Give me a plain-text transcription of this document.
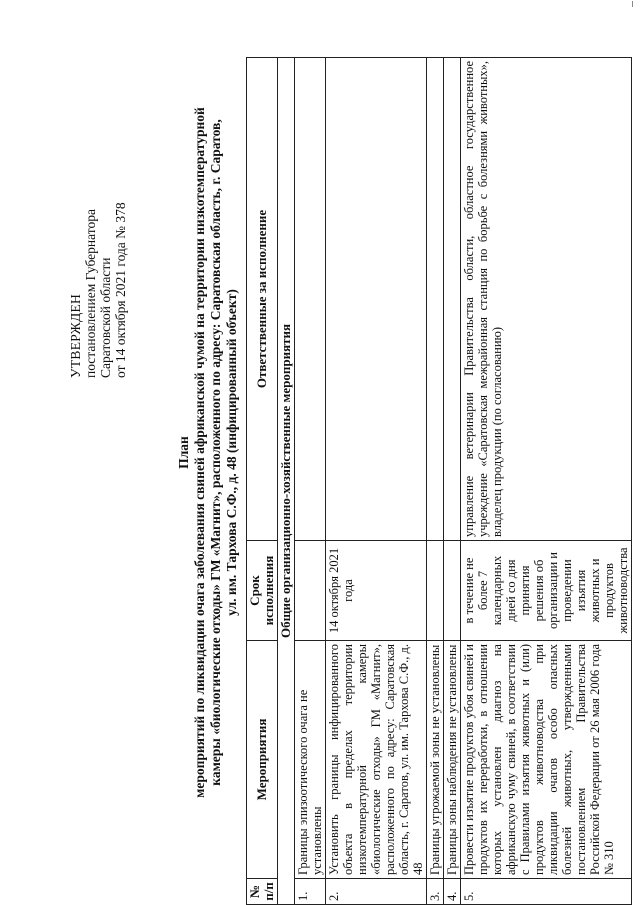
УТВЕРЖДЕН постановлением Губернатора Саратовской области от 14 октября 2021 года № 378
План мероприятий по ликвидации очага заболевания свиней африканской чумой на территории низкотемпературной камеры «биологические отходы» ГМ «Магнит», расположенного по адресу: Саратовская область, г. Саратов, ул. им. Тархова С.Ф., д. 48 (инфицированный объект)
№ п/п	Мероприятия	Срок исполнения	Ответственные за исполнение
Общие организационно-хозяйственные мероприятия			
1.	Границы эпизоотического очага не установлены		
2.	Установить границы инфицированного объекта в пределах территории низкотемпературной камеры «биологические отходы» ГМ «Магнит», расположенного по адресу: Саратовская область, г. Саратов, ул. им. Тархова С.Ф., д. 48	14 октября 2021 года	
3.	Границы угрожаемой зоны не установлены		
4.	Границы зоны наблюдения не установлены		
5.	Провести изъятие продуктов убоя свиней и продуктов их переработки, в отношении которых установлен диагноз на африканскую чуму свиней, в соответствии с Правилами изъятия животных и (или) продуктов животноводства при ликвидации очагов особо опасных болезней животных, утвержденными постановлением Правительства Российской Федерации от 26 мая 2006 года № 310	в течение не более 7 календарных дней со дня принятия решения об организации и проведении изъятия животных и продуктов животноводства	управление ветеринарии Правительства области, областное государственное учреждение «Саратовская межрайонная станция по борьбе с болезнями животных», владелец продукции (по согласованию)
